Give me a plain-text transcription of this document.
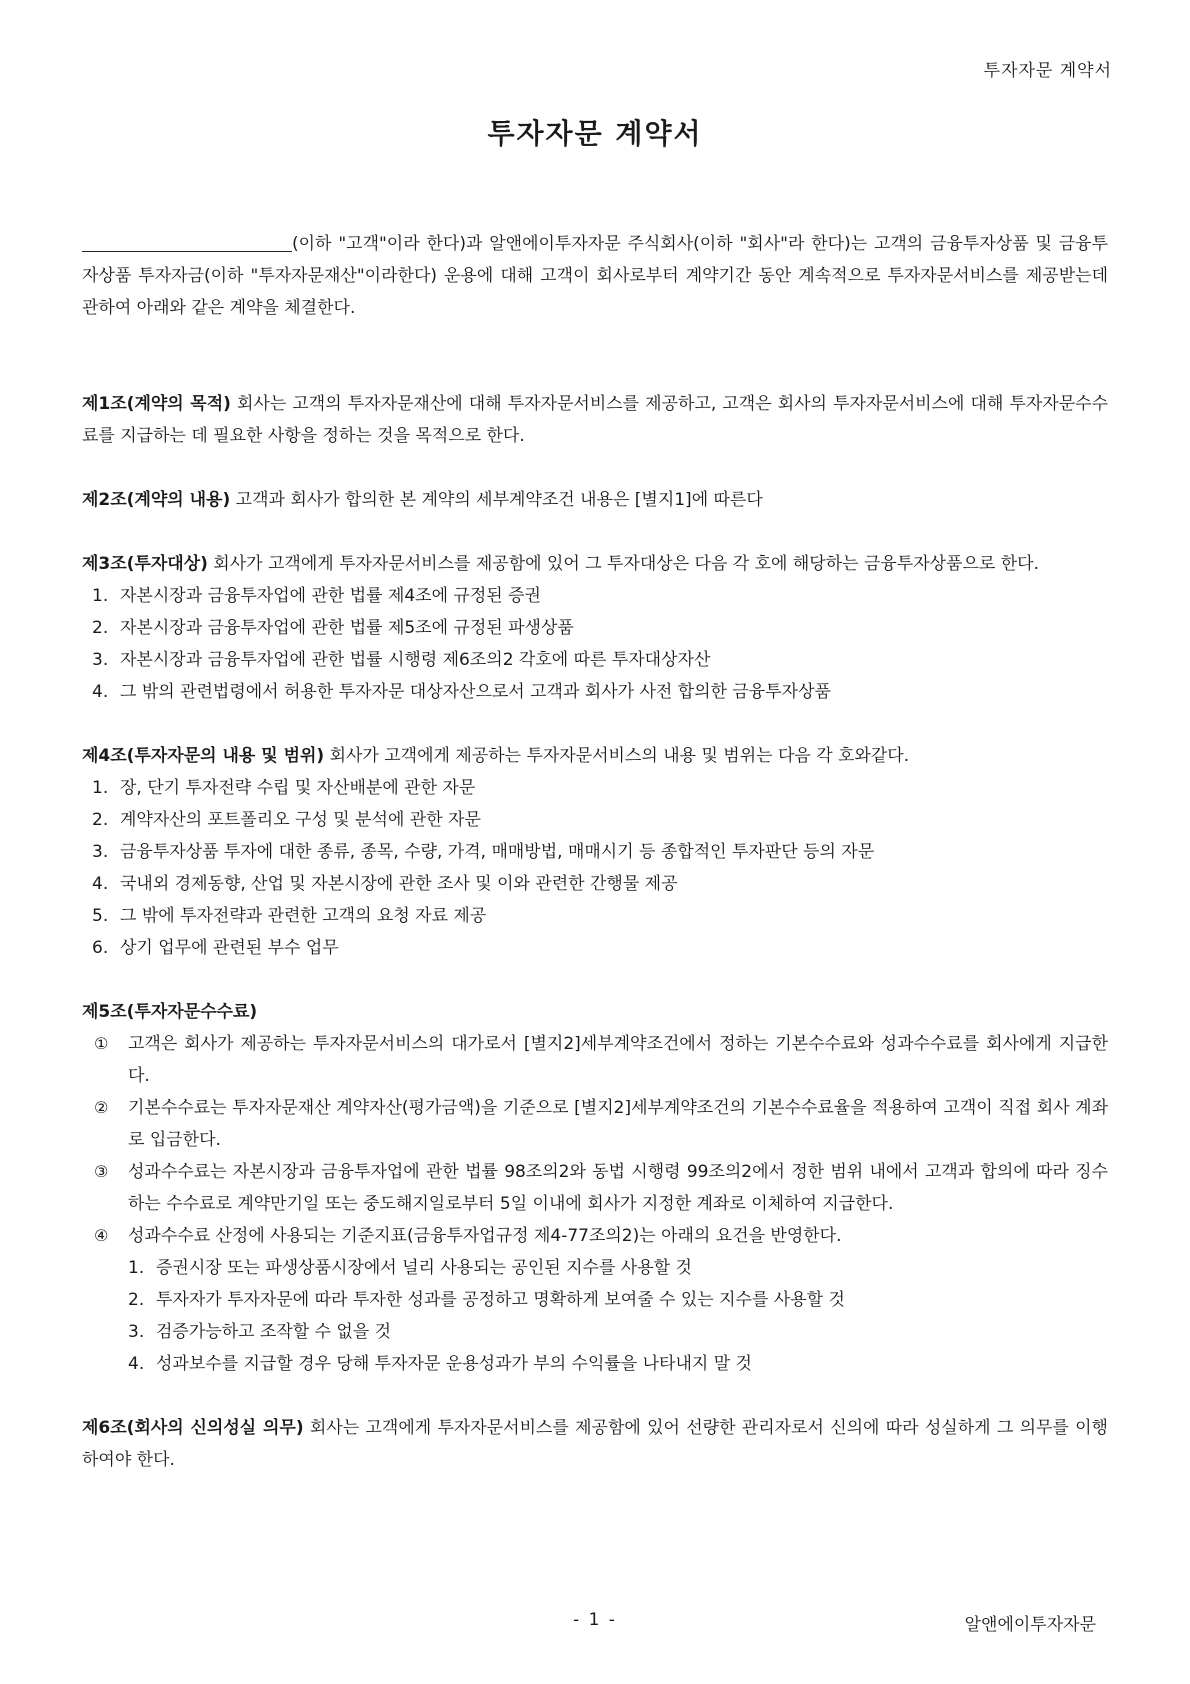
투자자문 계약서
투자자문 계약서

(이하 "고객"이라 한다)과 알앤에이투자자문 주식회사(이하 "회사"라 한다)는 고객의 금융투자상품 및 금융투자상품 투자자금(이하 "투자자문재산"이라한다) 운용에 대해 고객이 회사로부터 계약기간 동안 계속적으로 투자자문서비스를 제공받는데 관하여 아래와 같은 계약을 체결한다.

제1조(계약의 목적) 회사는 고객의 투자자문재산에 대해 투자자문서비스를 제공하고, 고객은 회사의 투자자문서비스에 대해 투자자문수수료를 지급하는 데 필요한 사항을 정하는 것을 목적으로 한다.

제2조(계약의 내용) 고객과 회사가 합의한 본 계약의 세부계약조건 내용은 [별지1]에 따른다

제3조(투자대상) 회사가 고객에게 투자자문서비스를 제공함에 있어 그 투자대상은 다음 각 호에 해당하는 금융투자상품으로 한다.

1. 자본시장과 금융투자업에 관한 법률 제4조에 규정된 증권
2. 자본시장과 금융투자업에 관한 법률 제5조에 규정된 파생상품
3. 자본시장과 금융투자업에 관한 법률 시행령 제6조의2 각호에 따른 투자대상자산
4. 그 밖의 관련법령에서 허용한 투자자문 대상자산으로서 고객과 회사가 사전 합의한 금융투자상품

제4조(투자자문의 내용 및 범위) 회사가 고객에게 제공하는 투자자문서비스의 내용 및 범위는 다음 각 호와같다.

1. 장, 단기 투자전략 수립 및 자산배분에 관한 자문
2. 계약자산의 포트폴리오 구성 및 분석에 관한 자문
3. 금융투자상품 투자에 대한 종류, 종목, 수량, 가격, 매매방법, 매매시기 등 종합적인 투자판단 등의 자문
4. 국내외 경제동향, 산업 및 자본시장에 관한 조사 및 이와 관련한 간행물 제공
5. 그 밖에 투자전략과 관련한 고객의 요청 자료 제공
6. 상기 업무에 관련된 부수 업무

제5조(투자자문수수료)

① 고객은 회사가 제공하는 투자자문서비스의 대가로서 [별지2]세부계약조건에서 정하는 기본수수료와 성과수수료를 회사에게 지급한다.
② 기본수수료는 투자자문재산 계약자산(평가금액)을 기준으로 [별지2]세부계약조건의 기본수수료율을 적용하여 고객이 직접 회사 계좌로 입금한다.
③ 성과수수료는 자본시장과 금융투자업에 관한 법률 98조의2와 동법 시행령 99조의2에서 정한 범위 내에서 고객과 합의에 따라 징수하는 수수료로 계약만기일 또는 중도해지일로부터 5일 이내에 회사가 지정한 계좌로 이체하여 지급한다.
④ 성과수수료 산정에 사용되는 기준지표(금융투자업규정 제4-77조의2)는 아래의 요건을 반영한다.
1. 증권시장 또는 파생상품시장에서 널리 사용되는 공인된 지수를 사용할 것
2. 투자자가 투자자문에 따라 투자한 성과를 공정하고 명확하게 보여줄 수 있는 지수를 사용할 것
3. 검증가능하고 조작할 수 없을 것
4. 성과보수를 지급할 경우 당해 투자자문 운용성과가 부의 수익률을 나타내지 말 것

제6조(회사의 신의성실 의무) 회사는 고객에게 투자자문서비스를 제공함에 있어 선량한 관리자로서 신의에 따라 성실하게 그 의무를 이행하여야 한다.

- 1 -	알앤에이투자자문
